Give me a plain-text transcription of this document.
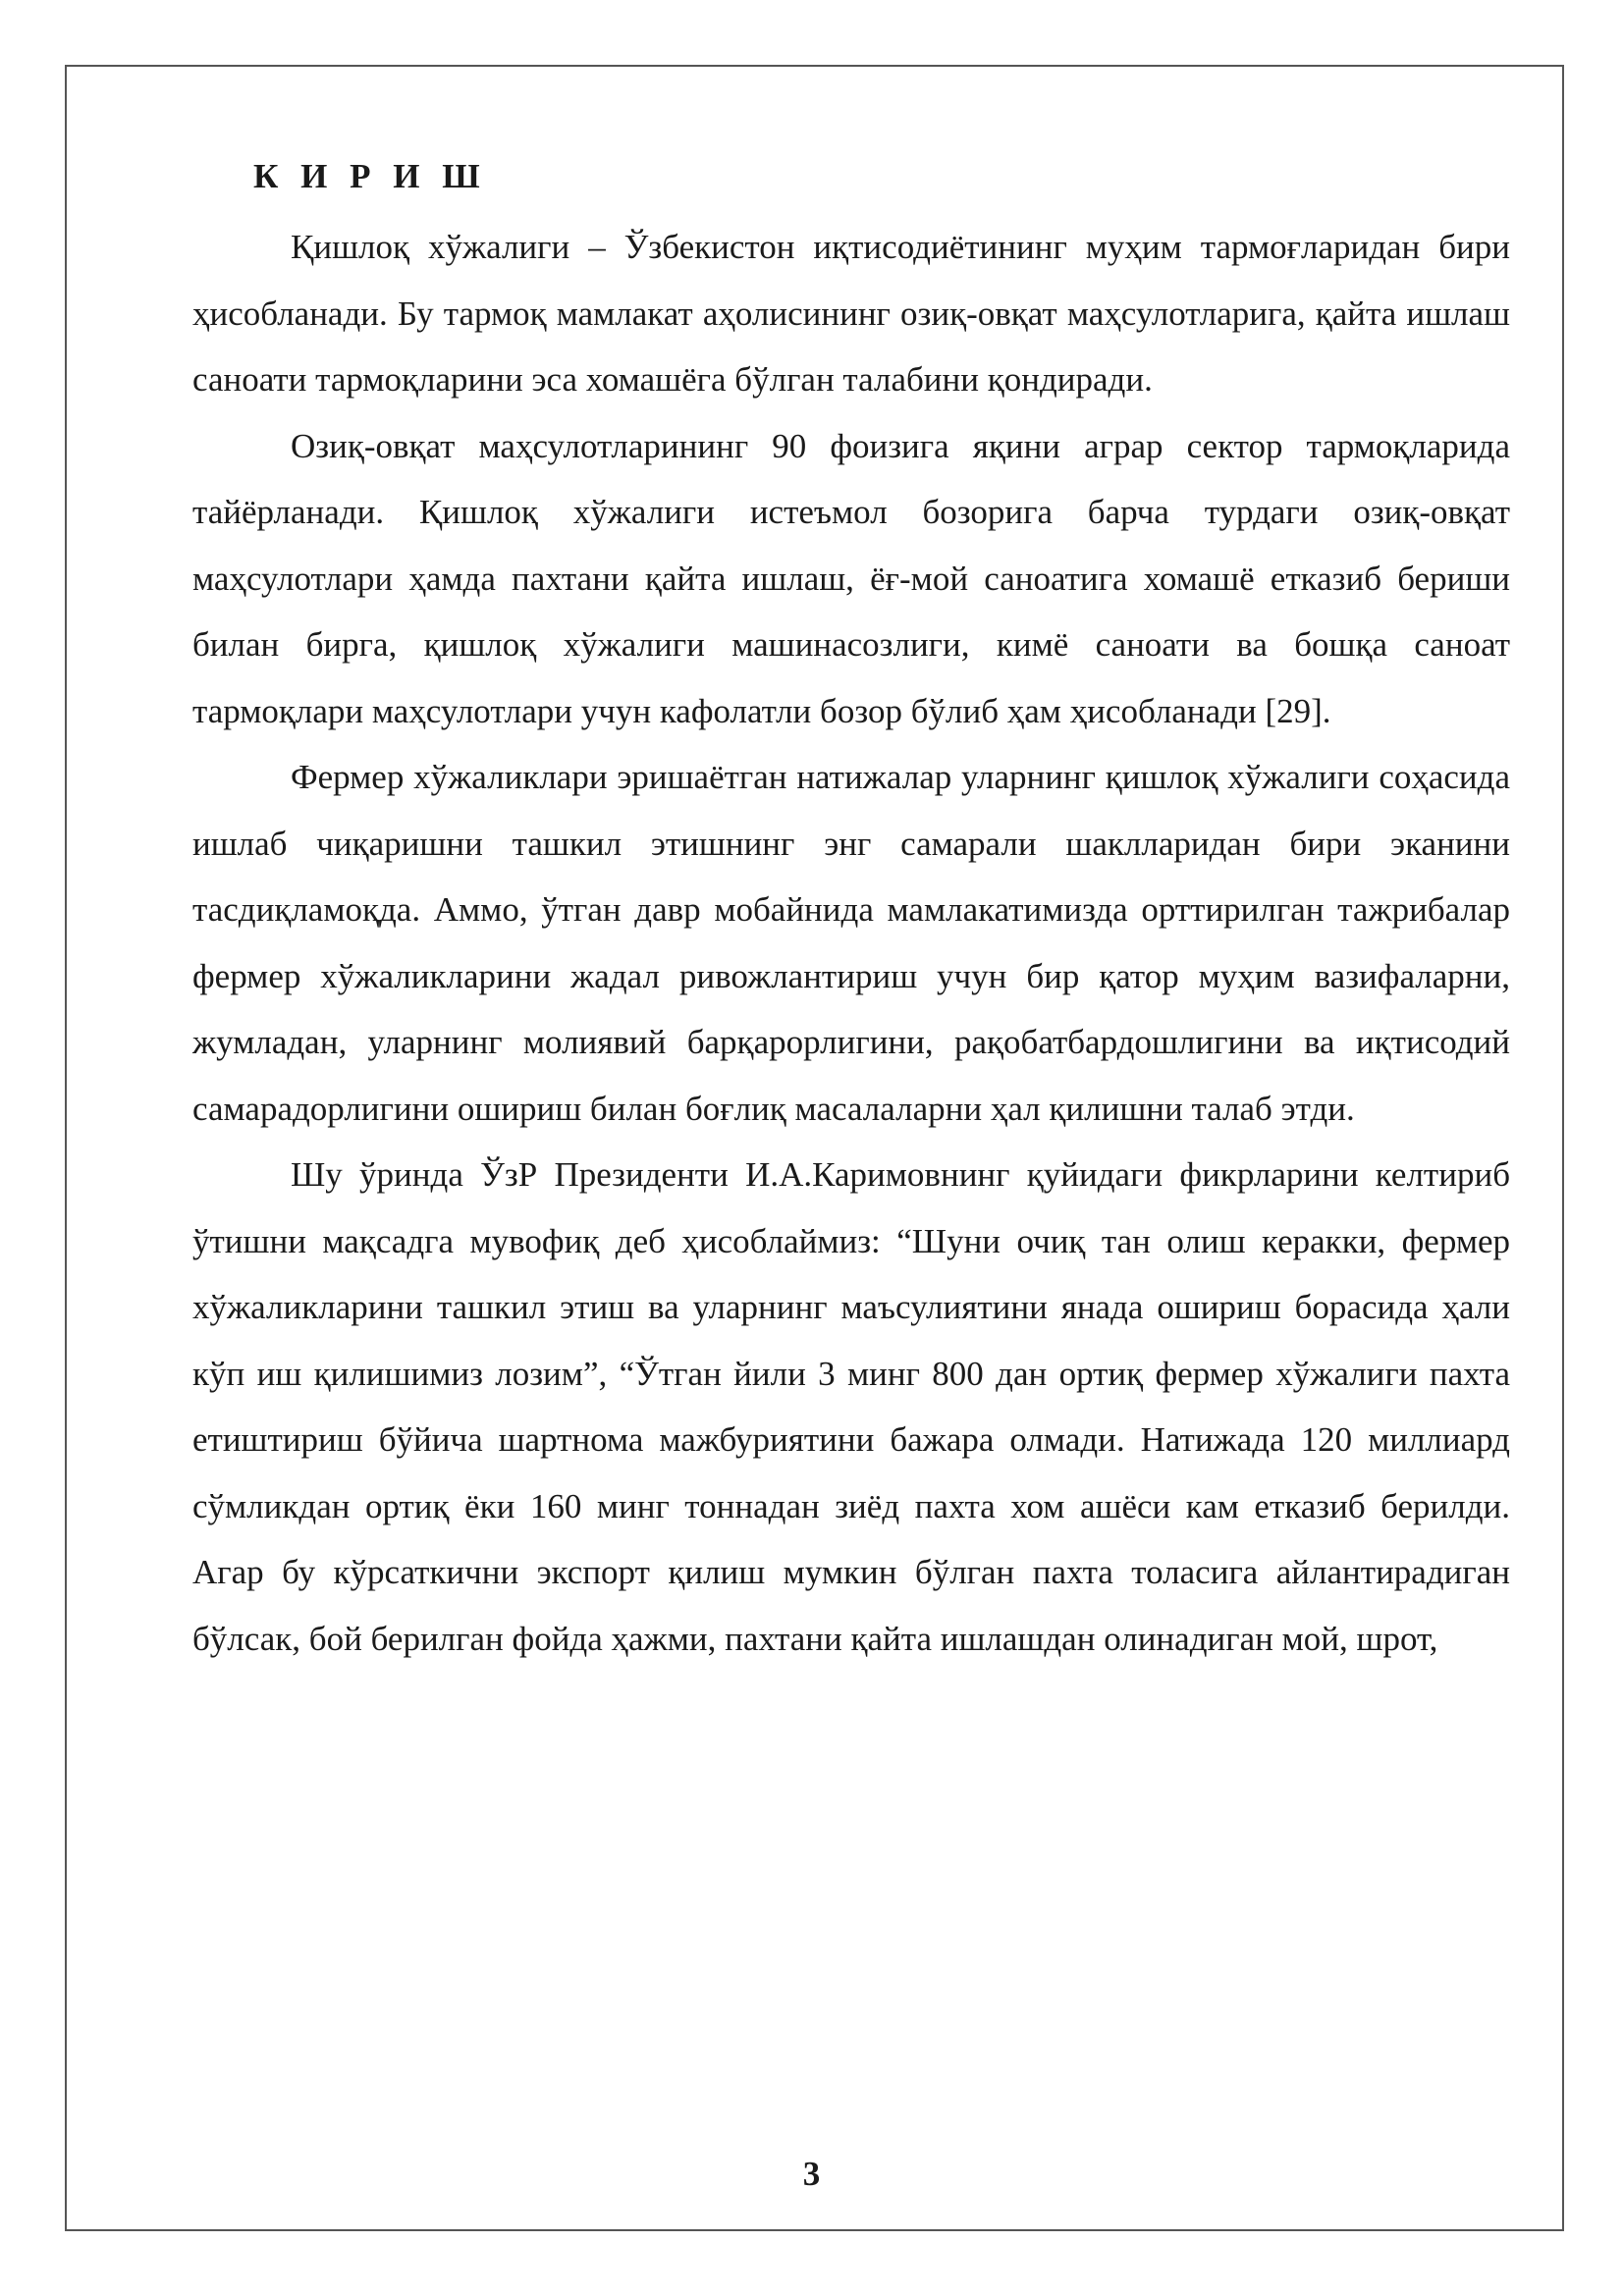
К И Р И Ш

Қишлоқ хўжалиги – Ўзбекистон иқтисодиётининг муҳим тармоғларидан бири ҳисобланади. Бу тармоқ мамлакат аҳолисининг озиқ-овқат маҳсулотларига, қайта ишлаш саноати тармоқларини эса хомашёга бўлган талабини қондиради.

Озиқ-овқат маҳсулотларининг 90 фоизига яқини аграр сектор тармоқларида тайёрланади. Қишлоқ хўжалиги истеъмол бозорига барча турдаги озиқ-овқат маҳсулотлари ҳамда пахтани қайта ишлаш, ёғ-мой саноатига хомашё етказиб бериши билан бирга, қишлоқ хўжалиги машинасозлиги, кимё саноати ва бошқа саноат тармоқлари маҳсулотлари учун кафолатли бозор бўлиб ҳам ҳисобланади [29].

Фермер хўжаликлари эришаётган натижалар уларнинг қишлоқ хўжалиги соҳасида ишлаб чиқаришни ташкил этишнинг энг самарали шаклларидан бири эканини тасдиқламоқда. Аммо, ўтган давр мобайнида мамлакатимизда орттирилган тажрибалар фермер хўжаликларини жадал ривожлантириш учун бир қатор муҳим вазифаларни, жумладан, уларнинг молиявий барқарорлигини, рақобатбардошлигини ва иқтисодий самарадорлигини ошириш билан боғлиқ масалаларни ҳал қилишни талаб этди.

Шу ўринда ЎзР Президенти И.А.Каримовнинг қуйидаги фикрларини келтириб ўтишни мақсадга мувофиқ деб ҳисоблаймиз: “Шуни очиқ тан олиш керакки, фермер хўжаликларини ташкил этиш ва уларнинг маъсулиятини янада ошириш борасида ҳали кўп иш қилишимиз лозим”, “Ўтган йили 3 минг 800 дан ортиқ фермер хўжалиги пахта етиштириш бўйича шартнома мажбуриятини бажара олмади. Натижада 120 миллиард сўмликдан ортиқ ёки 160 минг тоннадан зиёд пахта хом ашёси кам етказиб берилди. Агар бу кўрсаткични экспорт қилиш мумкин бўлган пахта толасига айлантирадиган бўлсак, бой берилган фойда ҳажми, пахтани қайта ишлашдан олинадиган мой, шрот,

3
